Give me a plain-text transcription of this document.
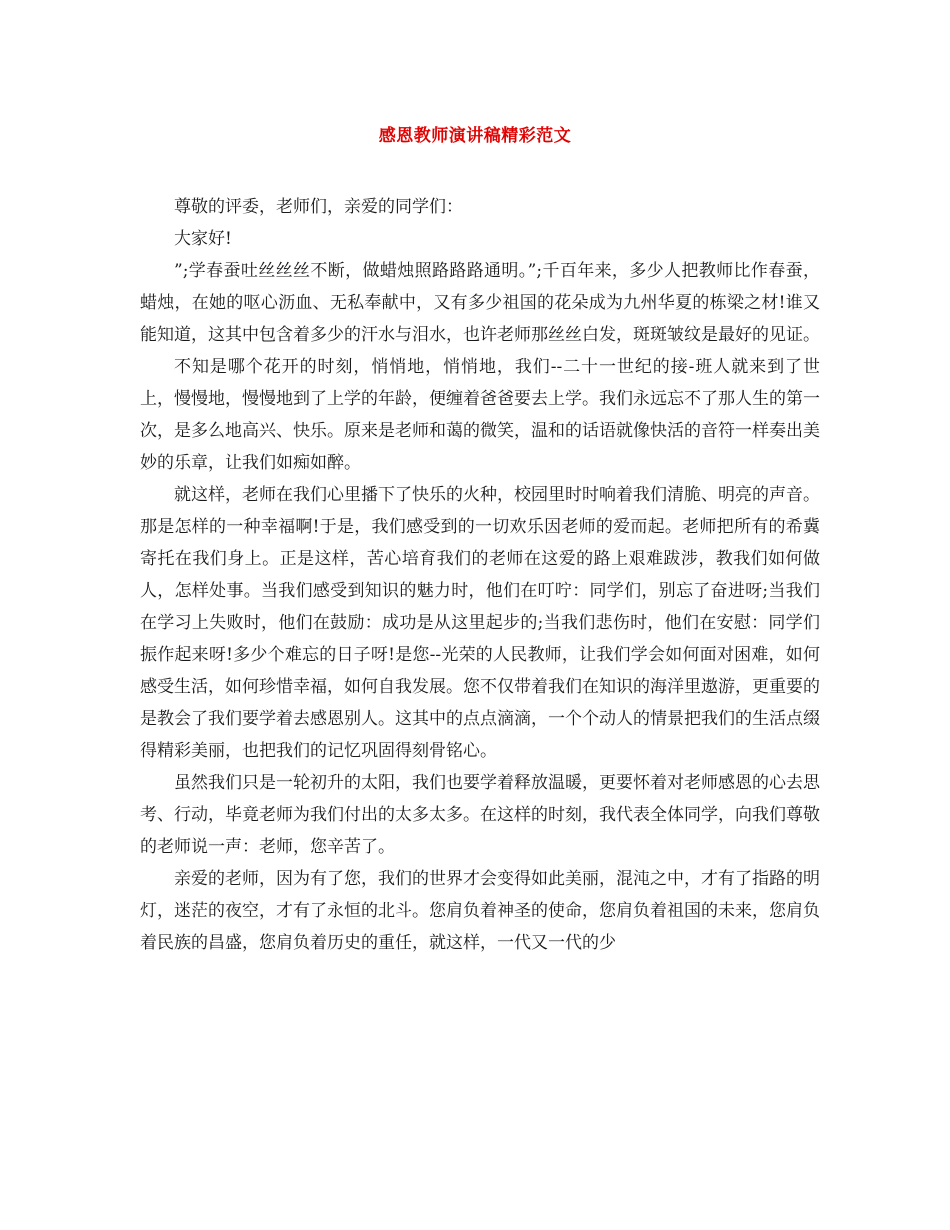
感恩教师演讲稿精彩范文

尊敬的评委，老师们，亲爱的同学们：

大家好!

”;学春蚕吐丝丝丝不断，做蜡烛照路路路通明。”;千百年来，多少人把教师比作春蚕，蜡烛，在她的呕心沥血、无私奉献中，又有多少祖国的花朵成为九州华夏的栋梁之材!谁又能知道，这其中包含着多少的汗水与泪水，也许老师那丝丝白发，斑斑皱纹是最好的见证。

不知是哪个花开的时刻，悄悄地，悄悄地，我们--二十一世纪的接-班人就来到了世上，慢慢地，慢慢地到了上学的年龄，便缠着爸爸要去上学。我们永远忘不了那人生的第一次，是多么地高兴、快乐。原来是老师和蔼的微笑，温和的话语就像快活的音符一样奏出美妙的乐章，让我们如痴如醉。

就这样，老师在我们心里播下了快乐的火种，校园里时时响着我们清脆、明亮的声音。那是怎样的一种幸福啊!于是，我们感受到的一切欢乐因老师的爱而起。老师把所有的希冀寄托在我们身上。正是这样，苦心培育我们的老师在这爱的路上艰难跋涉，教我们如何做人，怎样处事。当我们感受到知识的魅力时，他们在叮咛：同学们，别忘了奋进呀;当我们在学习上失败时，他们在鼓励：成功是从这里起步的;当我们悲伤时，他们在安慰：同学们振作起来呀!多少个难忘的日子呀!是您--光荣的人民教师，让我们学会如何面对困难，如何感受生活，如何珍惜幸福，如何自我发展。您不仅带着我们在知识的海洋里遨游，更重要的是教会了我们要学着去感恩别人。这其中的点点滴滴，一个个动人的情景把我们的生活点缀得精彩美丽，也把我们的记忆巩固得刻骨铭心。

虽然我们只是一轮初升的太阳，我们也要学着释放温暖，更要怀着对老师感恩的心去思考、行动，毕竟老师为我们付出的太多太多。在这样的时刻，我代表全体同学，向我们尊敬的老师说一声：老师，您辛苦了。

亲爱的老师，因为有了您，我们的世界才会变得如此美丽，混沌之中，才有了指路的明灯，迷茫的夜空，才有了永恒的北斗。您肩负着神圣的使命，您肩负着祖国的未来，您肩负着民族的昌盛，您肩负着历史的重任，就这样，一代又一代的少
